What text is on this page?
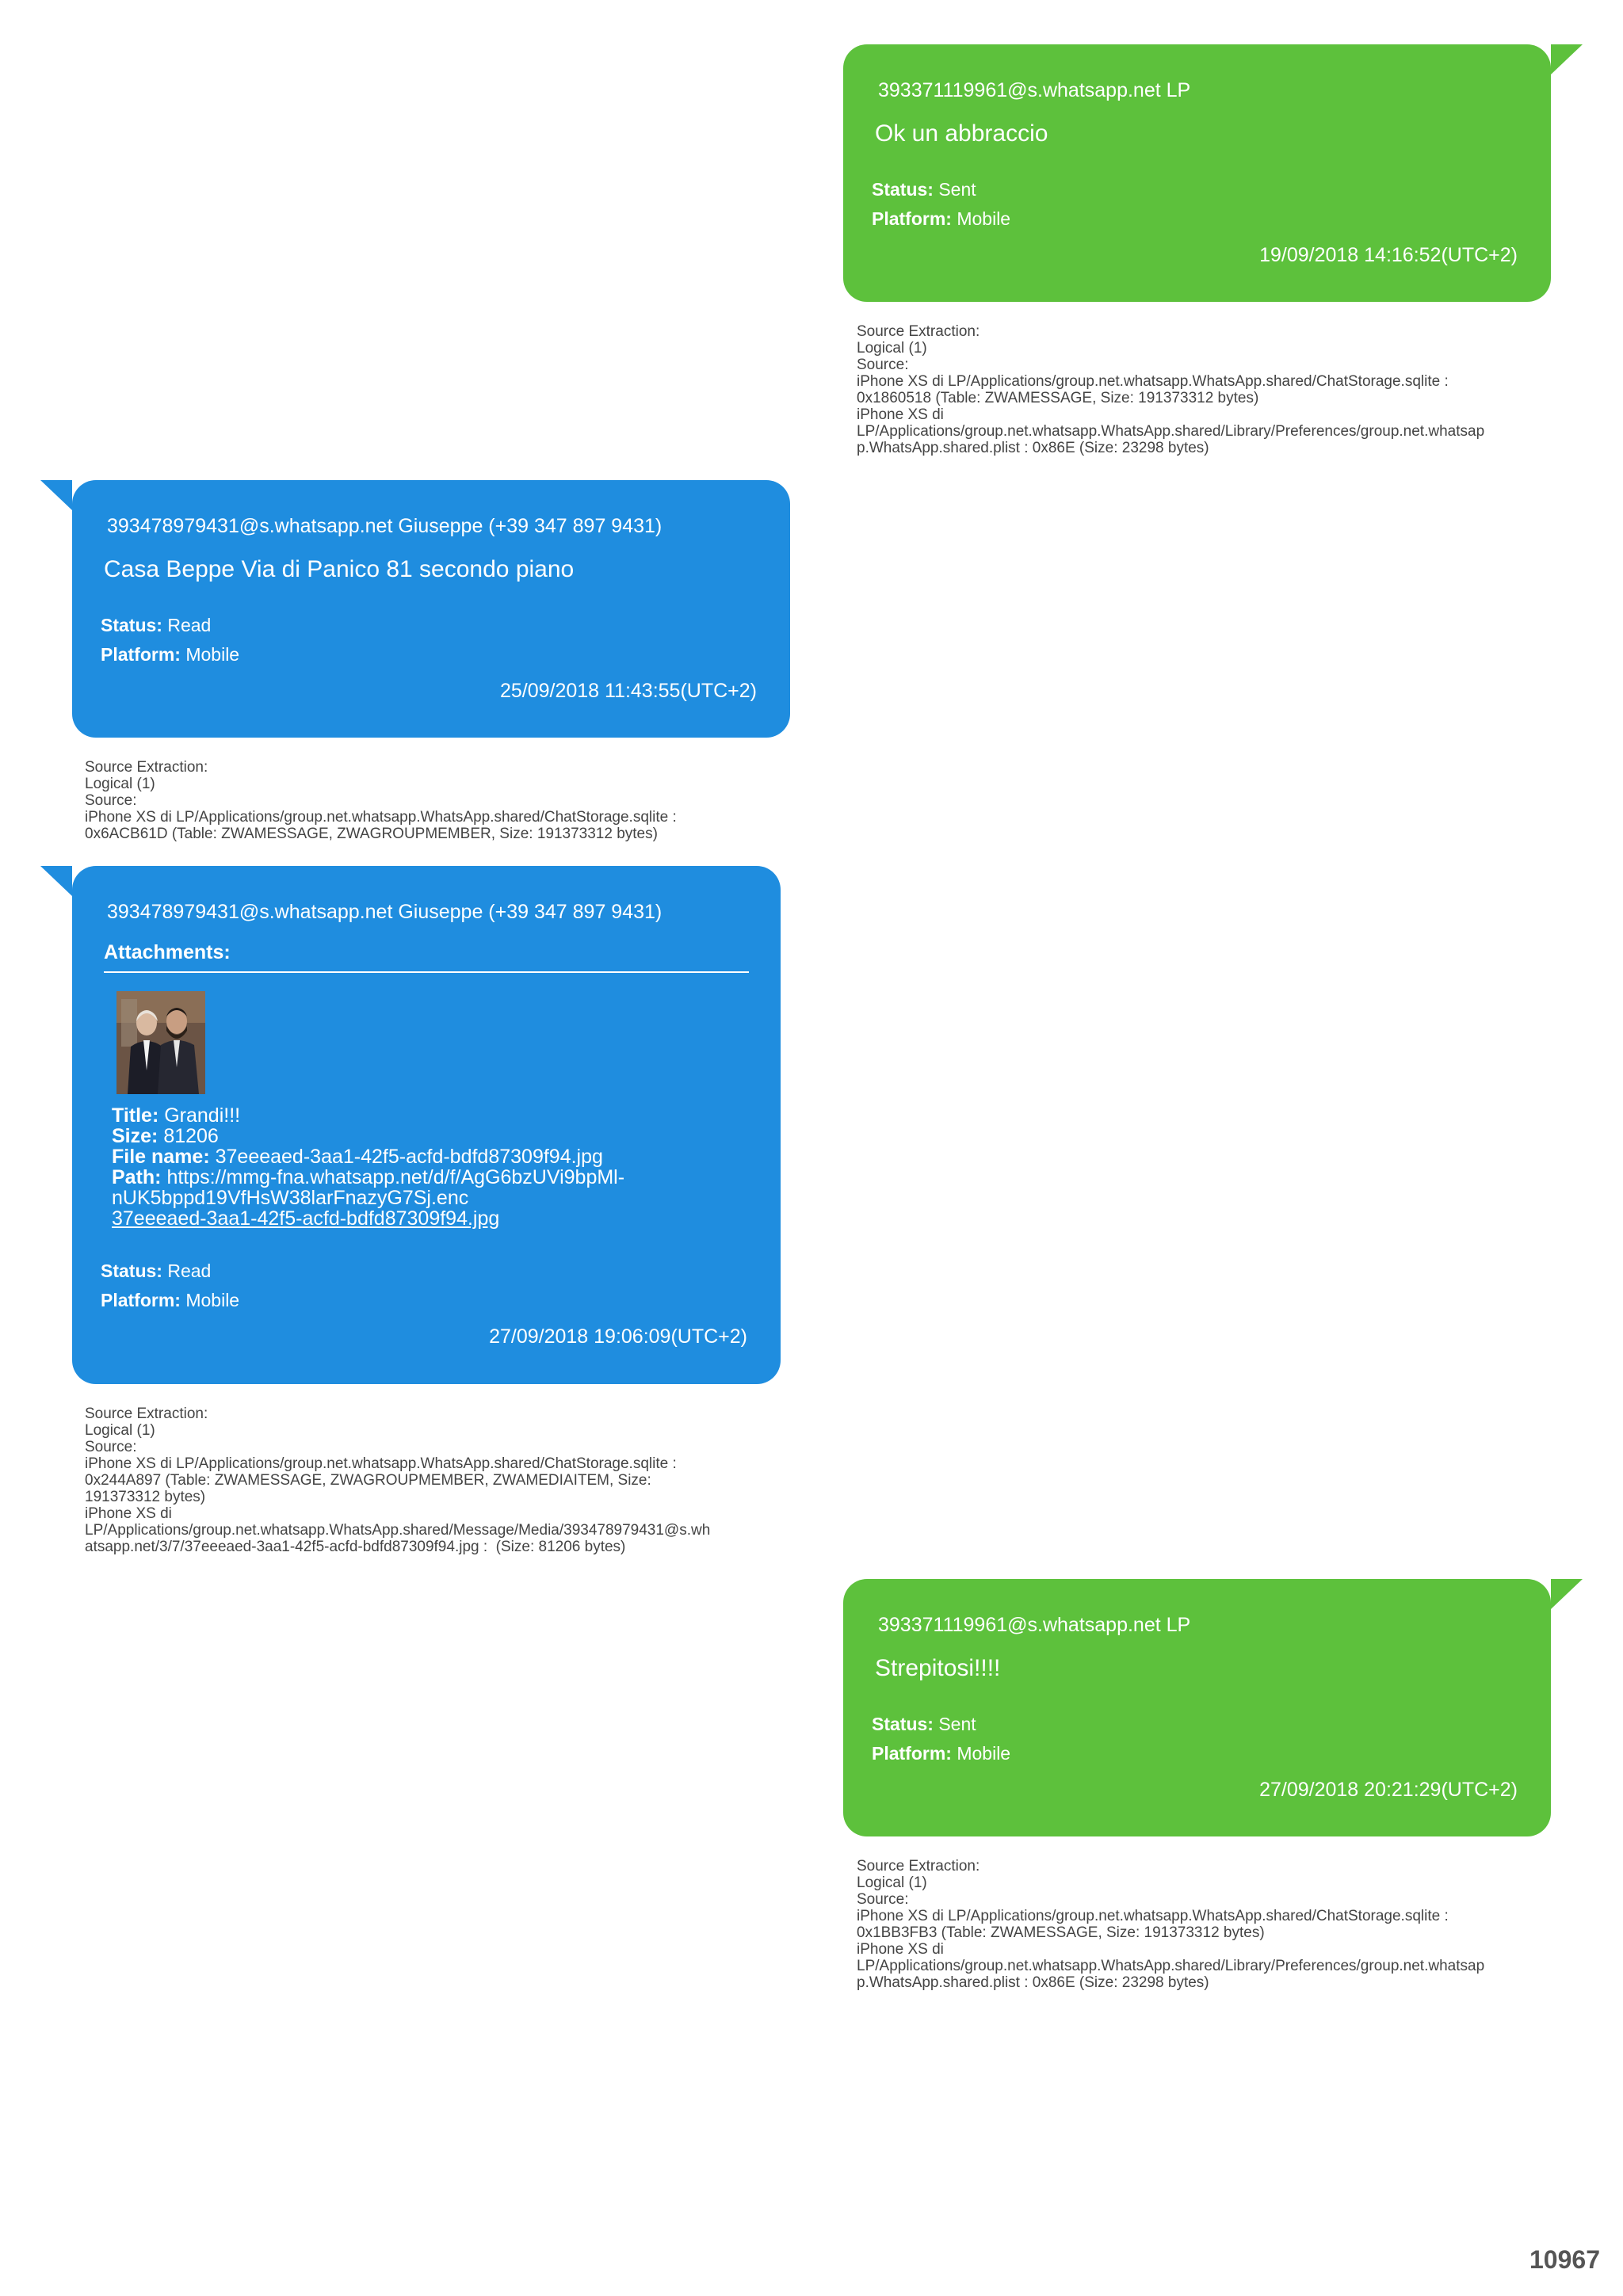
393371119961@s.whatsapp.net LP
Ok un abbraccio
Status: Sent
Platform: Mobile
19/09/2018 14:16:52(UTC+2)
Source Extraction:
Logical (1)
Source:
iPhone XS di LP/Applications/group.net.whatsapp.WhatsApp.shared/ChatStorage.sqlite :
0x1860518 (Table: ZWAMESSAGE, Size: 191373312 bytes)
iPhone XS di
LP/Applications/group.net.whatsapp.WhatsApp.shared/Library/Preferences/group.net.whatsap
p.WhatsApp.shared.plist : 0x86E (Size: 23298 bytes)
393478979431@s.whatsapp.net Giuseppe (+39 347 897 9431)
Casa Beppe Via di Panico 81 secondo piano
Status: Read
Platform: Mobile
25/09/2018 11:43:55(UTC+2)
Source Extraction:
Logical (1)
Source:
iPhone XS di LP/Applications/group.net.whatsapp.WhatsApp.shared/ChatStorage.sqlite :
0x6ACB61D (Table: ZWAMESSAGE, ZWAGROUPMEMBER, Size: 191373312 bytes)
393478979431@s.whatsapp.net Giuseppe (+39 347 897 9431)
Attachments:
Title: Grandi!!!
Size: 81206
File name: 37eeeaed-3aa1-42f5-acfd-bdfd87309f94.jpg
Path: https://mmg-fna.whatsapp.net/d/f/AgG6bzUVi9bpMl-
nUK5bppd19VfHsW38larFnazyG7Sj.enc
37eeeaed-3aa1-42f5-acfd-bdfd87309f94.jpg
Status: Read
Platform: Mobile
27/09/2018 19:06:09(UTC+2)
Source Extraction:
Logical (1)
Source:
iPhone XS di LP/Applications/group.net.whatsapp.WhatsApp.shared/ChatStorage.sqlite :
0x244A897 (Table: ZWAMESSAGE, ZWAGROUPMEMBER, ZWAMEDIAITEM, Size:
191373312 bytes)
iPhone XS di
LP/Applications/group.net.whatsapp.WhatsApp.shared/Message/Media/393478979431@s.wh
atsapp.net/3/7/37eeeaed-3aa1-42f5-acfd-bdfd87309f94.jpg :  (Size: 81206 bytes)
393371119961@s.whatsapp.net LP
Strepitosi!!!!
Status: Sent
Platform: Mobile
27/09/2018 20:21:29(UTC+2)
Source Extraction:
Logical (1)
Source:
iPhone XS di LP/Applications/group.net.whatsapp.WhatsApp.shared/ChatStorage.sqlite :
0x1BB3FB3 (Table: ZWAMESSAGE, Size: 191373312 bytes)
iPhone XS di
LP/Applications/group.net.whatsapp.WhatsApp.shared/Library/Preferences/group.net.whatsap
p.WhatsApp.shared.plist : 0x86E (Size: 23298 bytes)
10967
